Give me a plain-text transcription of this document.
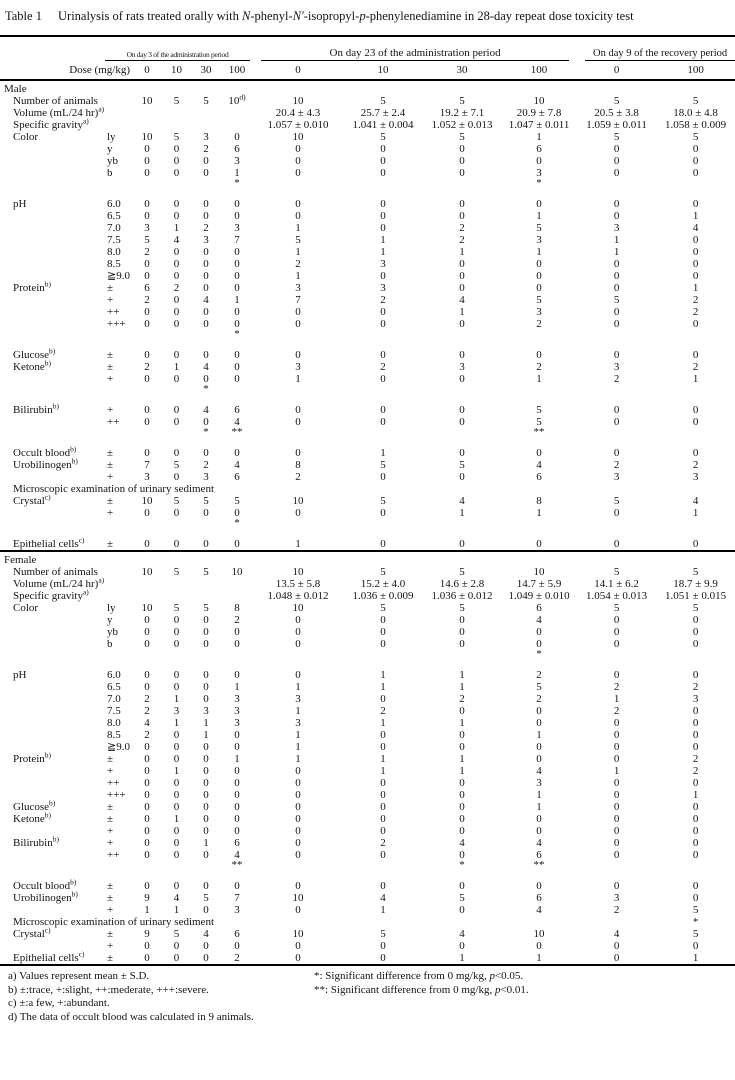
Table 1	Urinalysis of rats treated orally with N-phenyl-N′-isopropyl-p-phenylenediamine in 28-day repeat dose toxicity test

		On day 3 of the administration period				On day 23 of the administration period				On day 9 of the recovery period	

Dose (mg/kg)		0	10	30	100	0	10	30	100	0	100
Male											
Number of animals		10	5	5	10$^{d)}$	10	5	5	10	5	5
Volume (mL/24 hr)$^{a)}$						20.4 ± 4.3	25.7 ± 2.4	19.2 ± 7.1	20.9 ± 7.8	20.5 ± 3.8	18.0 ± 4.8
Specific gravity$^{a)}$						1.057 ± 0.010	1.041 ± 0.004	1.052 ± 0.013	1.047 ± 0.011	1.059 ± 0.011	1.058 ± 0.009
Color	ly	10	5	3	0	10	5	5	1	5	5
	y	0	0	2	6	0	0	0	6	0	0
	yb	0	0	0	3	0	0	0	0	0	0
	b	0	0	0	1	0	0	0	3	0	0
					*				*		

pH	6.0	0	0	0	0	0	0	0	0	0	0
	6.5	0	0	0	0	0	0	0	1	0	1
	7.0	3	1	2	3	1	0	2	5	3	4
	7.5	5	4	3	7	5	1	2	3	1	0
	8.0	2	0	0	0	1	1	1	1	1	0
	8.5	0	0	0	0	2	3	0	0	0	0
	≧9.0	0	0	0	0	1	0	0	0	0	0
Protein$^{b)}$	±	6	2	0	0	3	3	0	0	0	1
	+	2	0	4	1	7	2	4	5	5	2
	++	0	0	0	0	0	0	1	3	0	2
	+++	0	0	0	0	0	0	0	2	0	0
					*						

Glucose$^{b)}$	±	0	0	0	0	0	0	0	0	0	0
Ketone$^{b)}$	±	2	1	4	0	3	2	3	2	3	2
	+	0	0	0	0	1	0	0	1	2	1
				*							

Bilirubin$^{b)}$	+	0	0	4	6	0	0	0	5	0	0
	++	0	0	0	4	0	0	0	5	0	0
				*	**				**		

Occult blood$^{b)}$	±	0	0	0	0	0	1	0	0	0	0
Urobilinogen$^{b)}$	±	7	5	2	4	8	5	5	4	2	2
	+	3	0	3	6	2	0	0	6	3	3
Microscopic examination of urinary sediment											
Crystal$^{c)}$	±	10	5	5	5	10	5	4	8	5	4
	+	0	0	0	0	0	0	1	1	0	1
					*						

Epithelial cells$^{c)}$	±	0	0	0	0	1	0	0	0	0	0
Female											
Number of animals		10	5	5	10	10	5	5	10	5	5
Volume (mL/24 hr)$^{a)}$						13.5 ± 5.8	15.2 ± 4.0	14.6 ± 2.8	14.7 ± 5.9	14.1 ± 6.2	18.7 ± 9.9
Specific gravity$^{a)}$						1.048 ± 0.012	1.036 ± 0.009	1.036 ± 0.012	1.049 ± 0.010	1.054 ± 0.013	1.051 ± 0.015
Color	ly	10	5	5	8	10	5	5	6	5	5
	y	0	0	0	2	0	0	0	4	0	0
	yb	0	0	0	0	0	0	0	0	0	0
	b	0	0	0	0	0	0	0	0	0	0
									*		

pH	6.0	0	0	0	0	0	1	1	2	0	0
	6.5	0	0	0	1	1	1	1	5	2	2
	7.0	2	1	0	3	3	0	2	2	1	3
	7.5	2	3	3	3	1	2	0	0	2	0
	8.0	4	1	1	3	3	1	1	0	0	0
	8.5	2	0	1	0	1	0	0	1	0	0
	≧9.0	0	0	0	0	1	0	0	0	0	0
Protein$^{b)}$	±	0	0	0	1	1	1	1	0	0	2
	+	0	1	0	0	0	1	1	4	1	2
	++	0	0	0	0	0	0	0	3	0	0
	+++	0	0	0	0	0	0	0	1	0	1
Glucose$^{b)}$	±	0	0	0	0	0	0	0	1	0	0
Ketone$^{b)}$	±	0	1	0	0	0	0	0	0	0	0
	+	0	0	0	0	0	0	0	0	0	0
Bilirubin$^{b)}$	+	0	0	1	6	0	2	4	4	0	0
	++	0	0	0	4	0	0	0	6	0	0
					**			*	**		

Occult blood$^{b)}$	±	0	0	0	0	0	0	0	0	0	0
Urobilinogen$^{b)}$	±	9	4	5	7	10	4	5	6	3	0
	+	1	1	0	3	0	1	0	4	2	5
Microscopic examination of urinary sediment											*
Crystal$^{c)}$	±	9	5	4	6	10	5	4	10	4	5
	+	0	0	0	0	0	0	0	0	0	0
Epithelial cells$^{c)}$	±	0	0	0	2	0	0	1	1	0	1
a) Values represent mean ± S.D.
b) ±:trace, +:slight, ++:mederate, +++:severe.
c) ±:a few, +:abundant.
d) The data of occult blood was calculated in 9 animals.
*: Significant difference from 0 mg/kg, p<0.05.
**: Significant difference from 0 mg/kg, p<0.01.
